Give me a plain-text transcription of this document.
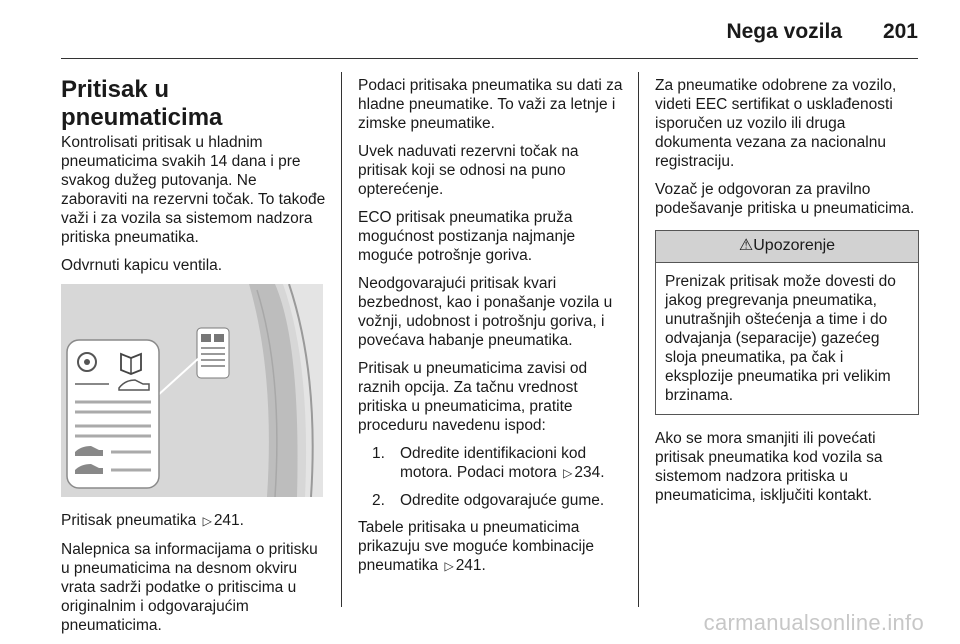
Nega vozila 201
Pritisak u pneumaticima

Kontrolisati pritisak u hladnim pneumaticima svakih 14 dana i pre svakog dužeg putovanja. Ne zaboraviti na rezervni točak. To takođe važi i za vozila sa sistemom nadzora pritiska pneumatika.

Odvrnuti kapicu ventila.

Pritisak pneumatika ▷ 241.

Nalepnica sa informacijama o pritisku u pneumaticima na desnom okviru vrata sadrži podatke o pritiscima u originalnim i odgovarajućim pneumaticima.

Podaci pritisaka pneumatika su dati za hladne pneumatike. To važi za letnje i zimske pneumatike.

Uvek naduvati rezervni točak na pritisak koji se odnosi na puno opterećenje.

ECO pritisak pneumatika pruža mogućnost postizanja najmanje moguće potrošnje goriva.

Neodgovarajući pritisak kvari bezbednost, kao i ponašanje vozila u vožnji, udobnost i potrošnju goriva, i povećava habanje pneumatika.

Pritisak u pneumaticima zavisi od raznih opcija. Za tačnu vrednost pritiska u pneumaticima, pratite proceduru navedenu ispod:

1. Odredite identifikacioni kod motora. Podaci motora ▷ 234.
2. Odredite odgovarajuće gume.

Tabele pritisaka u pneumaticima prikazuju sve moguće kombinacije pneumatika ▷ 241.

Za pneumatike odobrene za vozilo, videti EEC sertifikat o usklađenosti isporučen uz vozilo ili druga dokumenta vezana za nacionalnu registraciju.

Vozač je odgovoran za pravilno podešavanje pritiska u pneumaticima.

⚠Upozorenje
Prenizak pritisak može dovesti do jakog pregrevanja pneumatika, unutrašnjih oštećenja a time i do odvajanja (separacije) gazećeg sloja pneumatika, pa čak i eksplozije pneumatika pri velikim brzinama.

Ako se mora smanjiti ili povećati pritisak pneumatika kod vozila sa sistemom nadzora pritiska u pneumaticima, isključiti kontakt.

carmanualsonline.info
